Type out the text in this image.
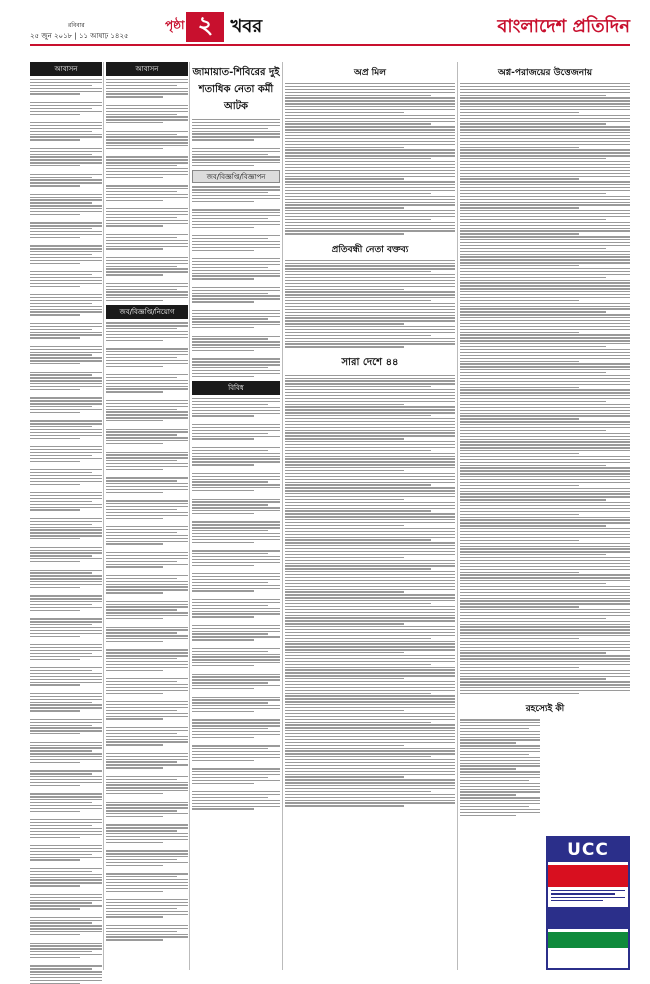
রবিবার
২৫ জুন ২০১৮ | ১১ আষাঢ় ১৪২৫
পৃষ্ঠা ২ খবর	বাংলাদেশ প্রতিদিন
আবাসন	আবাসন
জব/বিজ্ঞপ্তি/নিয়োগ
জামায়াত-শিবিরের দুই শতাধিক নেতা কর্মী আটক
জব/বিজ্ঞপ্তি/বিজ্ঞাপন
বিবিধ
অপ্র মিল
প্রতিবন্ধী নেতা বক্তব্য
সারা দেশে ৪৪
অগ্ন-পরাজয়ের উত্তেজনায়
রহস্যেই কী
UCC
